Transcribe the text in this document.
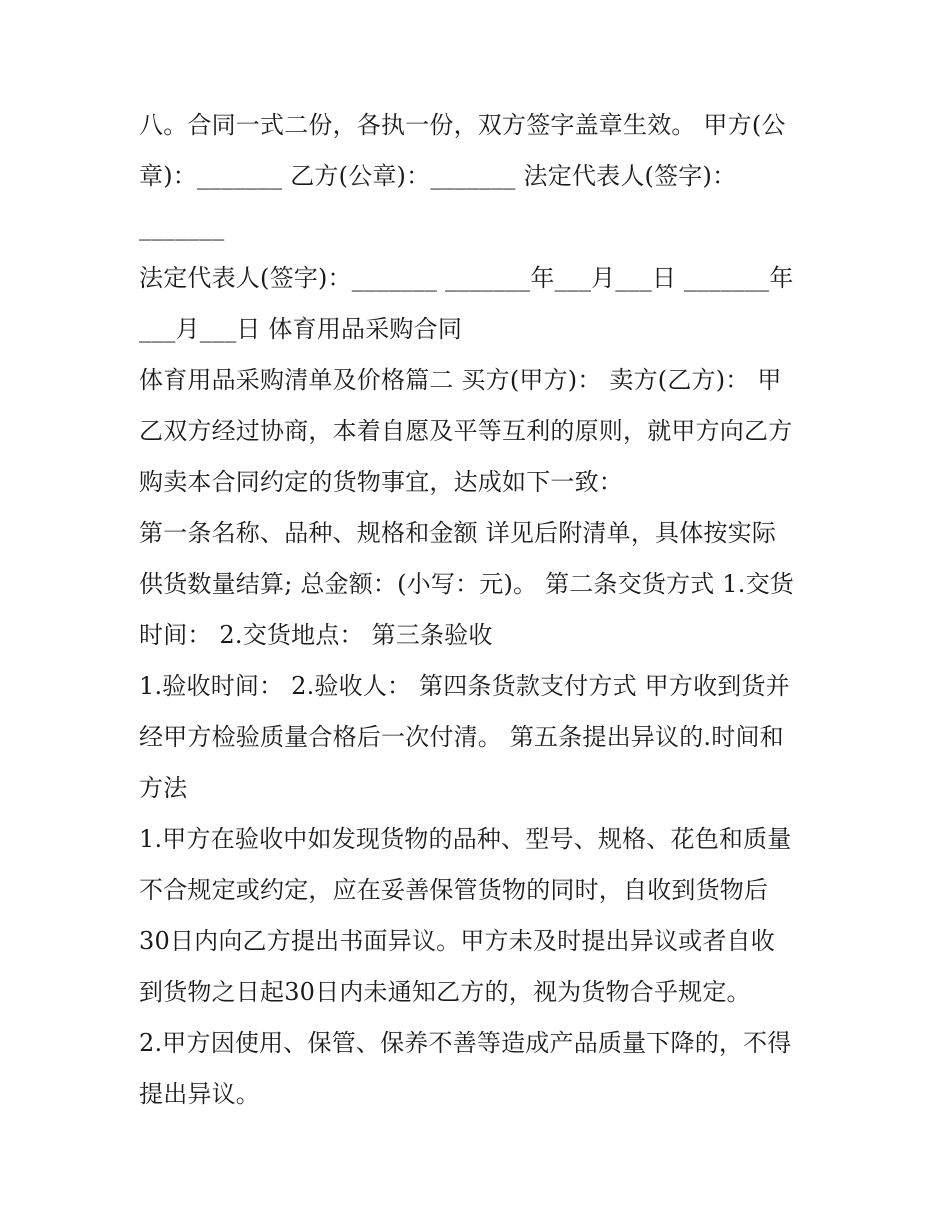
八。合同一式二份，各执一份，双方签字盖章生效。 甲方(公
章)：_______ 乙方(公章)：_______ 法定代表人(签字)：
_______
法定代表人(签字)：_______ _______年___月___日 _______年
___月___日 体育用品采购合同
体育用品采购清单及价格篇二 买方(甲方)： 卖方(乙方)： 甲
乙双方经过协商，本着自愿及平等互利的原则，就甲方向乙方
购卖本合同约定的货物事宜，达成如下一致：
第一条名称、品种、规格和金额 详见后附清单，具体按实际
供货数量结算; 总金额：(小写：元)。 第二条交货方式 1.交货
时间： 2.交货地点： 第三条验收
1.验收时间： 2.验收人： 第四条货款支付方式 甲方收到货并
经甲方检验质量合格后一次付清。 第五条提出异议的.时间和
方法
1.甲方在验收中如发现货物的品种、型号、规格、花色和质量
不合规定或约定，应在妥善保管货物的同时，自收到货物后
30日内向乙方提出书面异议。甲方未及时提出异议或者自收
到货物之日起30日内未通知乙方的，视为货物合乎规定。
2.甲方因使用、保管、保养不善等造成产品质量下降的，不得
提出异议。
